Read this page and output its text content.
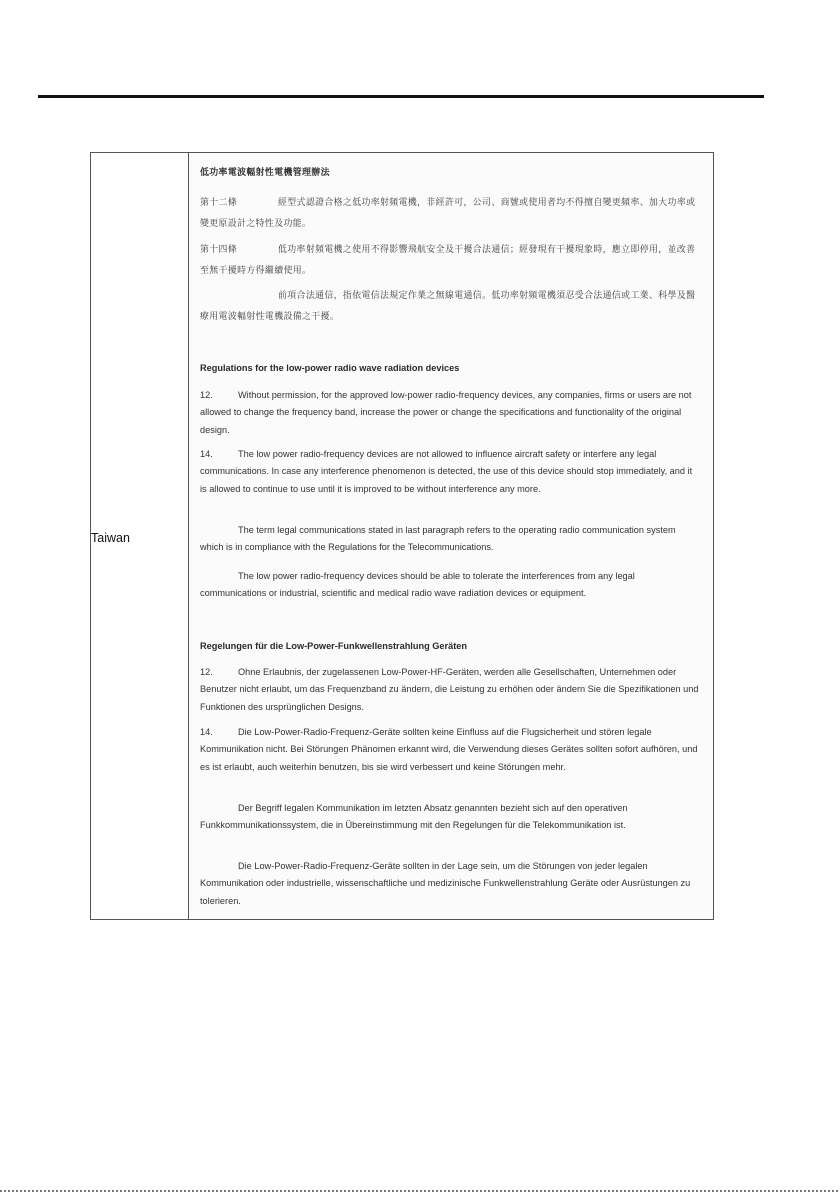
Taiwan
低功率電波輻射性電機管理辦法
第十二條	經型式認證合格之低功率射頻電機，非經許可，公司、商號或使用者均不得擅自變更頻率、加大功率或變更原設計之特性及功能。
第十四條	低功率射頻電機之使用不得影響飛航安全及干擾合法通信；經發現有干擾現象時，應立即停用，並改善至無干擾時方得繼續使用。
前項合法通信，指依電信法規定作業之無線電通信。低功率射頻電機須忍受合法通信或工業、科學及醫療用電波輻射性電機設備之干擾。
Regulations for the low-power radio wave radiation devices
12.	Without permission, for the approved low-power radio-frequency devices, any companies, firms or users are not allowed to change the frequency band, increase the power or change the specifications and functionality of the original design.
14.	The low power radio-frequency devices are not allowed to influence aircraft safety or interfere any legal communications. In case any interference phenomenon is detected, the use of this device should stop immediately, and it is allowed to continue to use until it is improved to be without interference any more.
The term legal communications stated in last paragraph refers to the operating radio communication system which is in compliance with the Regulations for the Telecommunications.
The low power radio-frequency devices should be able to tolerate the interferences from any legal communications or industrial, scientific and medical radio wave radiation devices or equipment.
Regelungen für die Low-Power-Funkwellenstrahlung Geräten
12.	Ohne Erlaubnis, der zugelassenen Low-Power-HF-Geräten, werden alle Gesellschaften, Unternehmen oder Benutzer nicht erlaubt, um das Frequenzband zu ändern, die Leistung zu erhöhen oder ändern Sie die Spezifikationen und Funktionen des ursprünglichen Designs.
14.	Die Low-Power-Radio-Frequenz-Geräte sollten keine Einfluss auf die Flugsicherheit und stören legale Kommunikation nicht. Bei Störungen Phänomen erkannt wird, die Verwendung dieses Gerätes sollten sofort aufhören, und es ist erlaubt, auch weiterhin benutzen, bis sie wird verbessert und keine Störungen mehr.
Der Begriff legalen Kommunikation im letzten Absatz genannten bezieht sich auf den operativen Funkkommunikationssystem, die in Übereinstimmung mit den Regelungen für die Telekommunikation ist.
Die Low-Power-Radio-Frequenz-Geräte sollten in der Lage sein, um die Störungen von jeder legalen Kommunikation oder industrielle, wissenschaftliche und medizinische Funkwellenstrahlung Geräte oder Ausrüstungen zu tolerieren.
